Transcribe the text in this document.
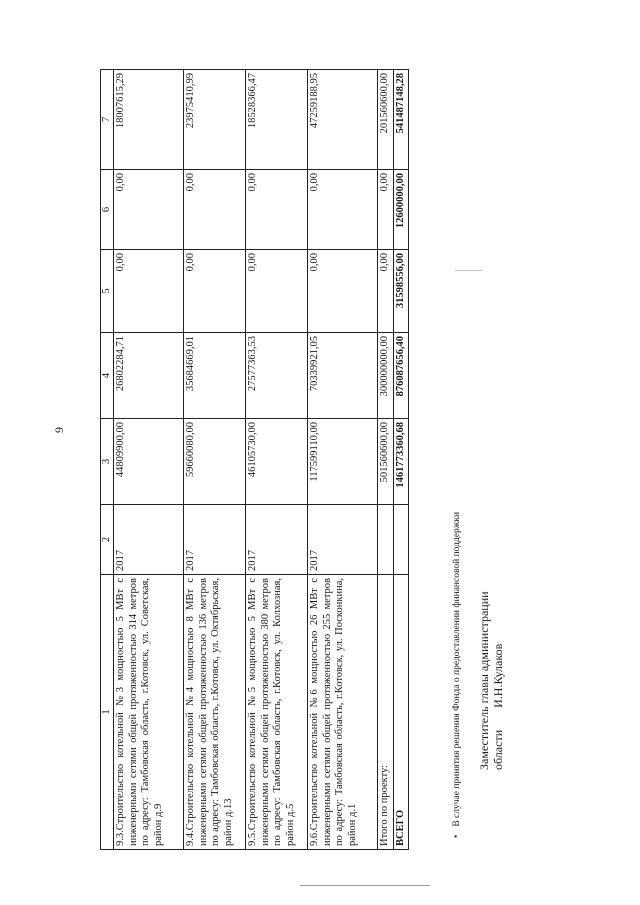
9
1	2	3	4	5	6	7
9.3.Строительство котельной №3 мощностью 5 МВт с инженерными сетями общей протяженностью 314 метров по адресу: Тамбовская область, г.Котовск, ул. Советская, район д.9	2017	44809900,00	26802284,71	0,00	0,00	18007615,29
9.4.Строительство котельной №4 мощностью 8 МВт с инженерными сетями общей протяженностью 136 метров по адресу: Тамбовская область, г.Котовск, ул. Октябрьская, район д.13	2017	59660080,00	35684669,01	0,00	0,00	23975410,99
9.5.Строительство котельной №5 мощностью 5 МВт с инженерными сетями общей протяженностью 380 метров по адресу: Тамбовская область, г.Котовск, ул. Колхозная, район д.5	2017	46105730,00	27577363,53	0,00	0,00	18528366,47
9.6.Строительство котельной №6 мощностью 26 МВт с инженерными сетями общей протяженностью 255 метров по адресу: Тамбовская область, г.Котовск, ул. Посконкина, район д.1	2017	117599110,00	70339921,05	0,00	0,00	47259188,95
Итого по проекту:		501560600,00	300000000,00	0,00	0,00	201560600,00
ВСЕГО		1461773360,68	876087656,40	31598556,00	12600000,00	541487148,28
•В случае принятия решения Фонда о предоставлении финансовой поддержки Заместитель главы администрации областиИ.Н.Кулаков
